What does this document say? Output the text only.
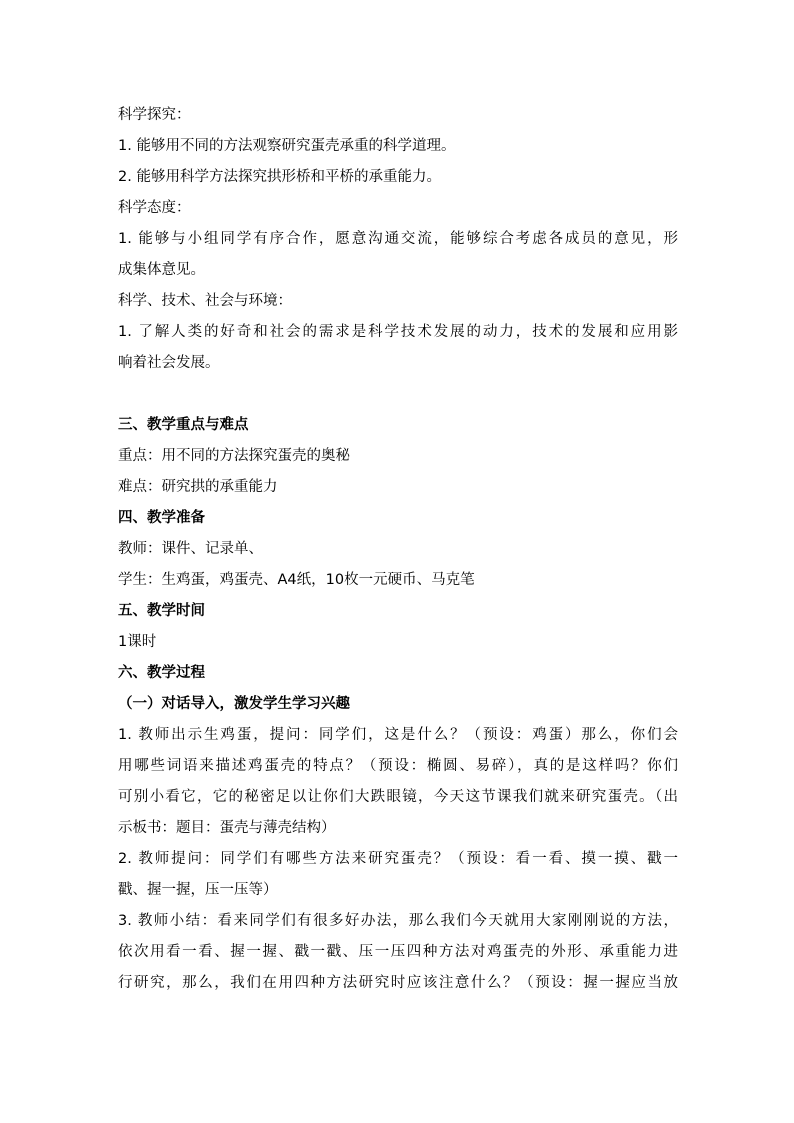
科学探究：
1. 能够用不同的方法观察研究蛋壳承重的科学道理。
2. 能够用科学方法探究拱形桥和平桥的承重能力。
科学态度：
1. 能够与小组同学有序合作，愿意沟通交流，能够综合考虑各成员的意见，形
成集体意见。
科学、技术、社会与环境：
1. 了解人类的好奇和社会的需求是科学技术发展的动力，技术的发展和应用影
响着社会发展。
三、教学重点与难点
重点：用不同的方法探究蛋壳的奥秘
难点：研究拱的承重能力
四、教学准备
教师：课件、记录单、
学生：生鸡蛋，鸡蛋壳、A4纸，10枚一元硬币、马克笔
五、教学时间
1课时
六、教学过程
（一）对话导入，激发学生学习兴趣
1. 教师出示生鸡蛋，提问：同学们，这是什么？（预设：鸡蛋）那么，你们会
用哪些词语来描述鸡蛋壳的特点？（预设：椭圆、易碎），真的是这样吗？你们
可别小看它，它的秘密足以让你们大跌眼镜，今天这节课我们就来研究蛋壳。（出
示板书：题目：蛋壳与薄壳结构）
2. 教师提问：同学们有哪些方法来研究蛋壳？（预设：看一看、摸一摸、戳一
戳、握一握，压一压等）
3. 教师小结：看来同学们有很多好办法，那么我们今天就用大家刚刚说的方法，
依次用看一看、握一握、戳一戳、压一压四种方法对鸡蛋壳的外形、承重能力进
行研究，那么，我们在用四种方法研究时应该注意什么？（预设：握一握应当放
